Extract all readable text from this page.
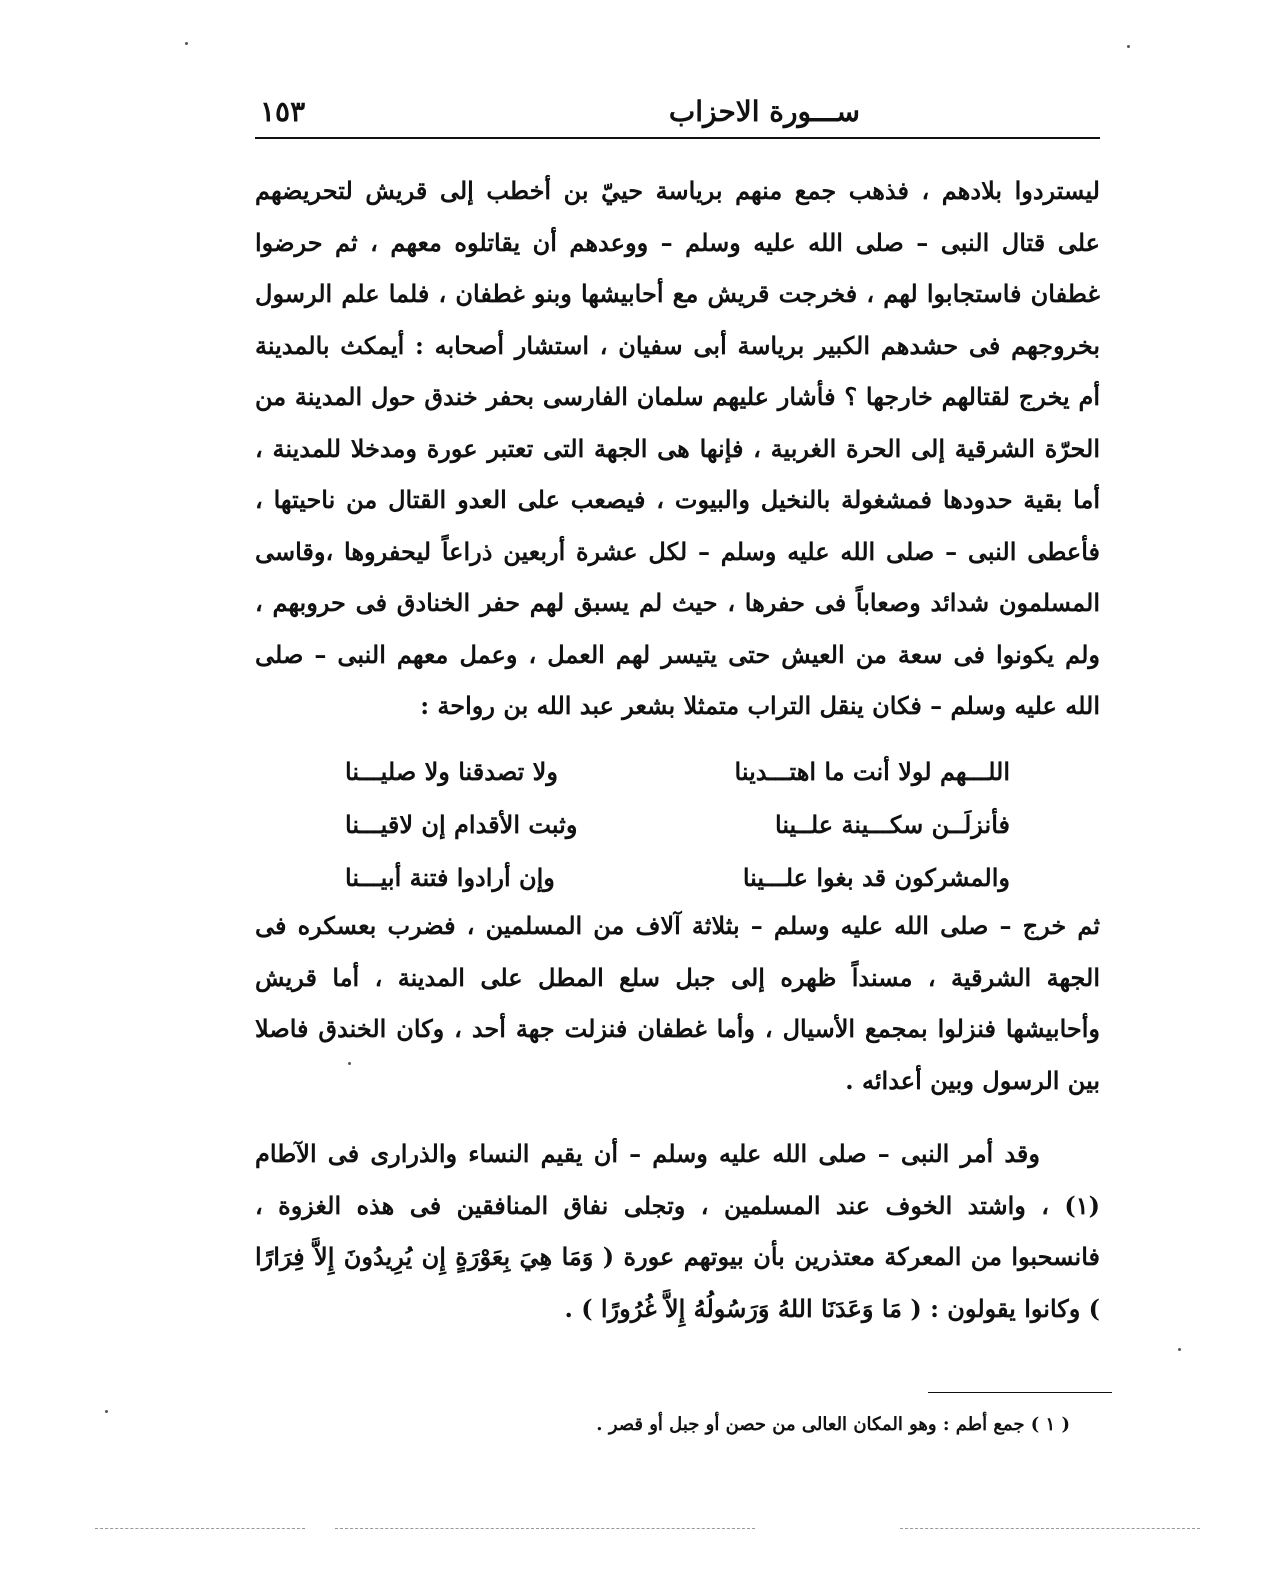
ســـورة الاحزاب
١٥٣

ليستردوا بلادهم ، فذهب جمع منهم برياسة حييّ بن أخطب إلى قريش لتحريضهم على قتال النبى – صلى الله عليه وسلم – ووعدهم أن يقاتلوه معهم ، ثم حرضوا غطفان فاستجابوا لهم ، فخرجت قريش مع أحابيشها وبنو غطفان ، فلما علم الرسول بخروجهم فى حشدهم الكبير برياسة أبى سفيان ، استشار أصحابه : أيمكث بالمدينة أم يخرج لقتالهم خارجها ؟ فأشار عليهم سلمان الفارسى بحفر خندق حول المدينة من الحرّة الشرقية إلى الحرة الغربية ، فإنها هى الجهة التى تعتبر عورة ومدخلا للمدينة ، أما بقية حدودها فمشغولة بالنخيل والبيوت ، فيصعب على العدو القتال من ناحيتها ، فأعطى النبى – صلى الله عليه وسلم – لكل عشرة أربعين ذراعاً ليحفروها ،وقاسى المسلمون شدائد وصعاباً فى حفرها ، حيث لم يسبق لهم حفر الخنادق فى حروبهم ، ولم يكونوا فى سعة من العيش حتى يتيسر لهم العمل ، وعمل معهم النبى – صلى الله عليه وسلم – فكان ينقل التراب متمثلا بشعر عبد الله بن رواحة :

اللـــهم لولا أنت ما اهتـــدينا
ولا تصدقنا ولا صليـــنا
فأنزلَــن سكـــينة علــينا
وثبت الأقدام إن لاقيـــنا
والمشركون قد بغوا علـــينا
وإن أرادوا فتنة أبيـــنا

ثم خرج – صلى الله عليه وسلم – بثلاثة آلاف من المسلمين ، فضرب بعسكره فى الجهة الشرقية ، مسنداً ظهره إلى جبل سلع المطل على المدينة ، أما قريش وأحابيشها فنزلوا بمجمع الأسيال ، وأما غطفان فنزلت جهة أحد ، وكان الخندق فاصلا بين الرسول وبين أعدائه .

وقد أمر النبى – صلى الله عليه وسلم – أن يقيم النساء والذرارى فى الآطام (١) ، واشتد الخوف عند المسلمين ، وتجلى نفاق المنافقين فى هذه الغزوة ، فانسحبوا من المعركة معتذرين بأن بيوتهم عورة ( وَمَا هِيَ بِعَوْرَةٍ إِن يُرِيدُونَ إِلاَّ فِرَارًا ) وكانوا يقولون : ( مَا وَعَدَنَا اللهُ وَرَسُولُهُ إِلاَّ غُرُورًا ) .

( ١ ) جمع أطم : وهو المكان العالى من حصن أو جبل أو قصر .
